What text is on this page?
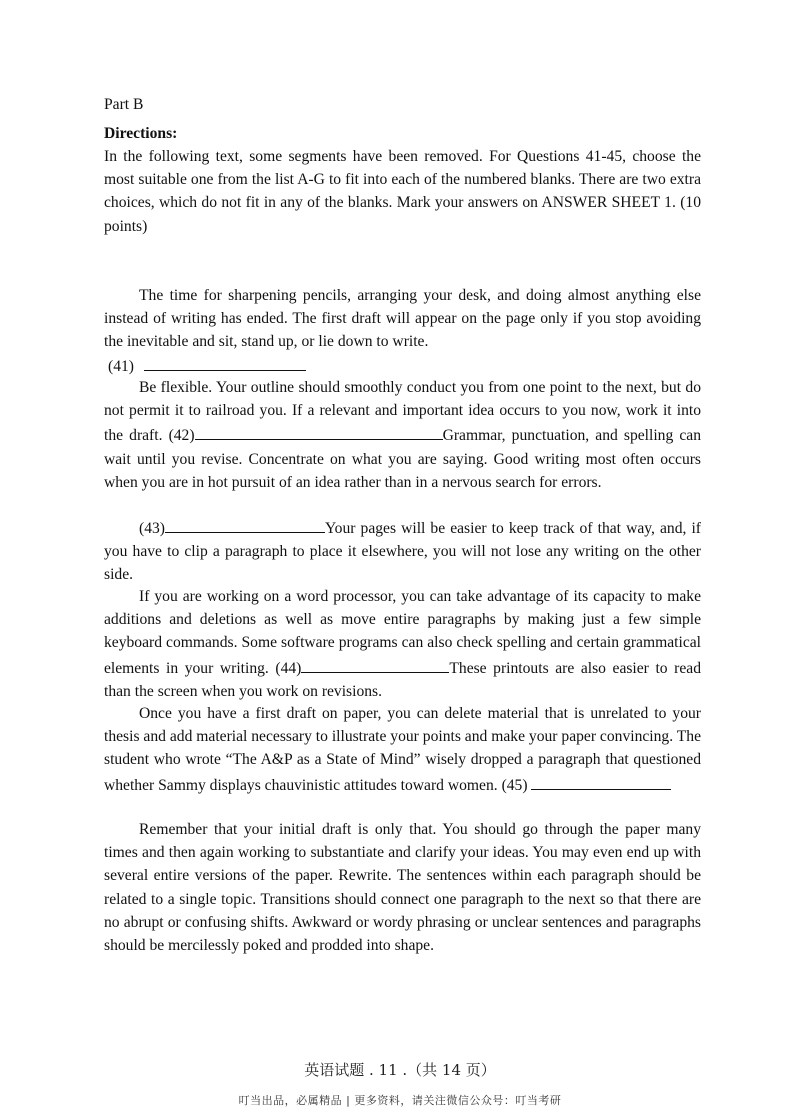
Part B

Directions:

In the following text, some segments have been removed. For Questions 41-45, choose the most suitable one from the list A-G to fit into each of the numbered blanks. There are two extra choices, which do not fit in any of the blanks. Mark your answers on ANSWER SHEET 1. (10 points)

The time for sharpening pencils, arranging your desk, and doing almost anything else instead of writing has ended. The first draft will appear on the page only if you stop avoiding the inevitable and sit, stand up, or lie down to write.

(41)

Be flexible. Your outline should smoothly conduct you from one point to the next, but do not permit it to railroad you. If a relevant and important idea occurs to you now, work it into the draft. (42)	Grammar, punctuation, and spelling can wait until you revise. Concentrate on what you are saying. Good writing most often occurs when you are in hot pursuit of an idea rather than in a nervous search for errors.

(43)	Your pages will be easier to keep track of that way, and, if you have to clip a paragraph to place it elsewhere, you will not lose any writing on the other side.

If you are working on a word processor, you can take advantage of its capacity to make additions and deletions as well as move entire paragraphs by making just a few simple keyboard commands. Some software programs can also check spelling and certain grammatical elements in your writing. (44)	These printouts are also easier to read than the screen when you work on revisions.

Once you have a first draft on paper, you can delete material that is unrelated to your thesis and add material necessary to illustrate your points and make your paper convincing. The student who wrote “The A&P as a State of Mind” wisely dropped a paragraph that questioned whether Sammy displays chauvinistic attitudes toward women. (45)

Remember that your initial draft is only that. You should go through the paper many times and then again working to substantiate and clarify your ideas. You may even end up with several entire versions of the paper. Rewrite. The sentences within each paragraph should be related to a single topic. Transitions should connect one paragraph to the next so that there are no abrupt or confusing shifts. Awkward or wordy phrasing or unclear sentences and paragraphs should be mercilessly poked and prodded into shape.

英语试题 . 11 .（共 14 页）
叮当出品，必属精品 | 更多资料，请关注微信公众号：叮当考研
